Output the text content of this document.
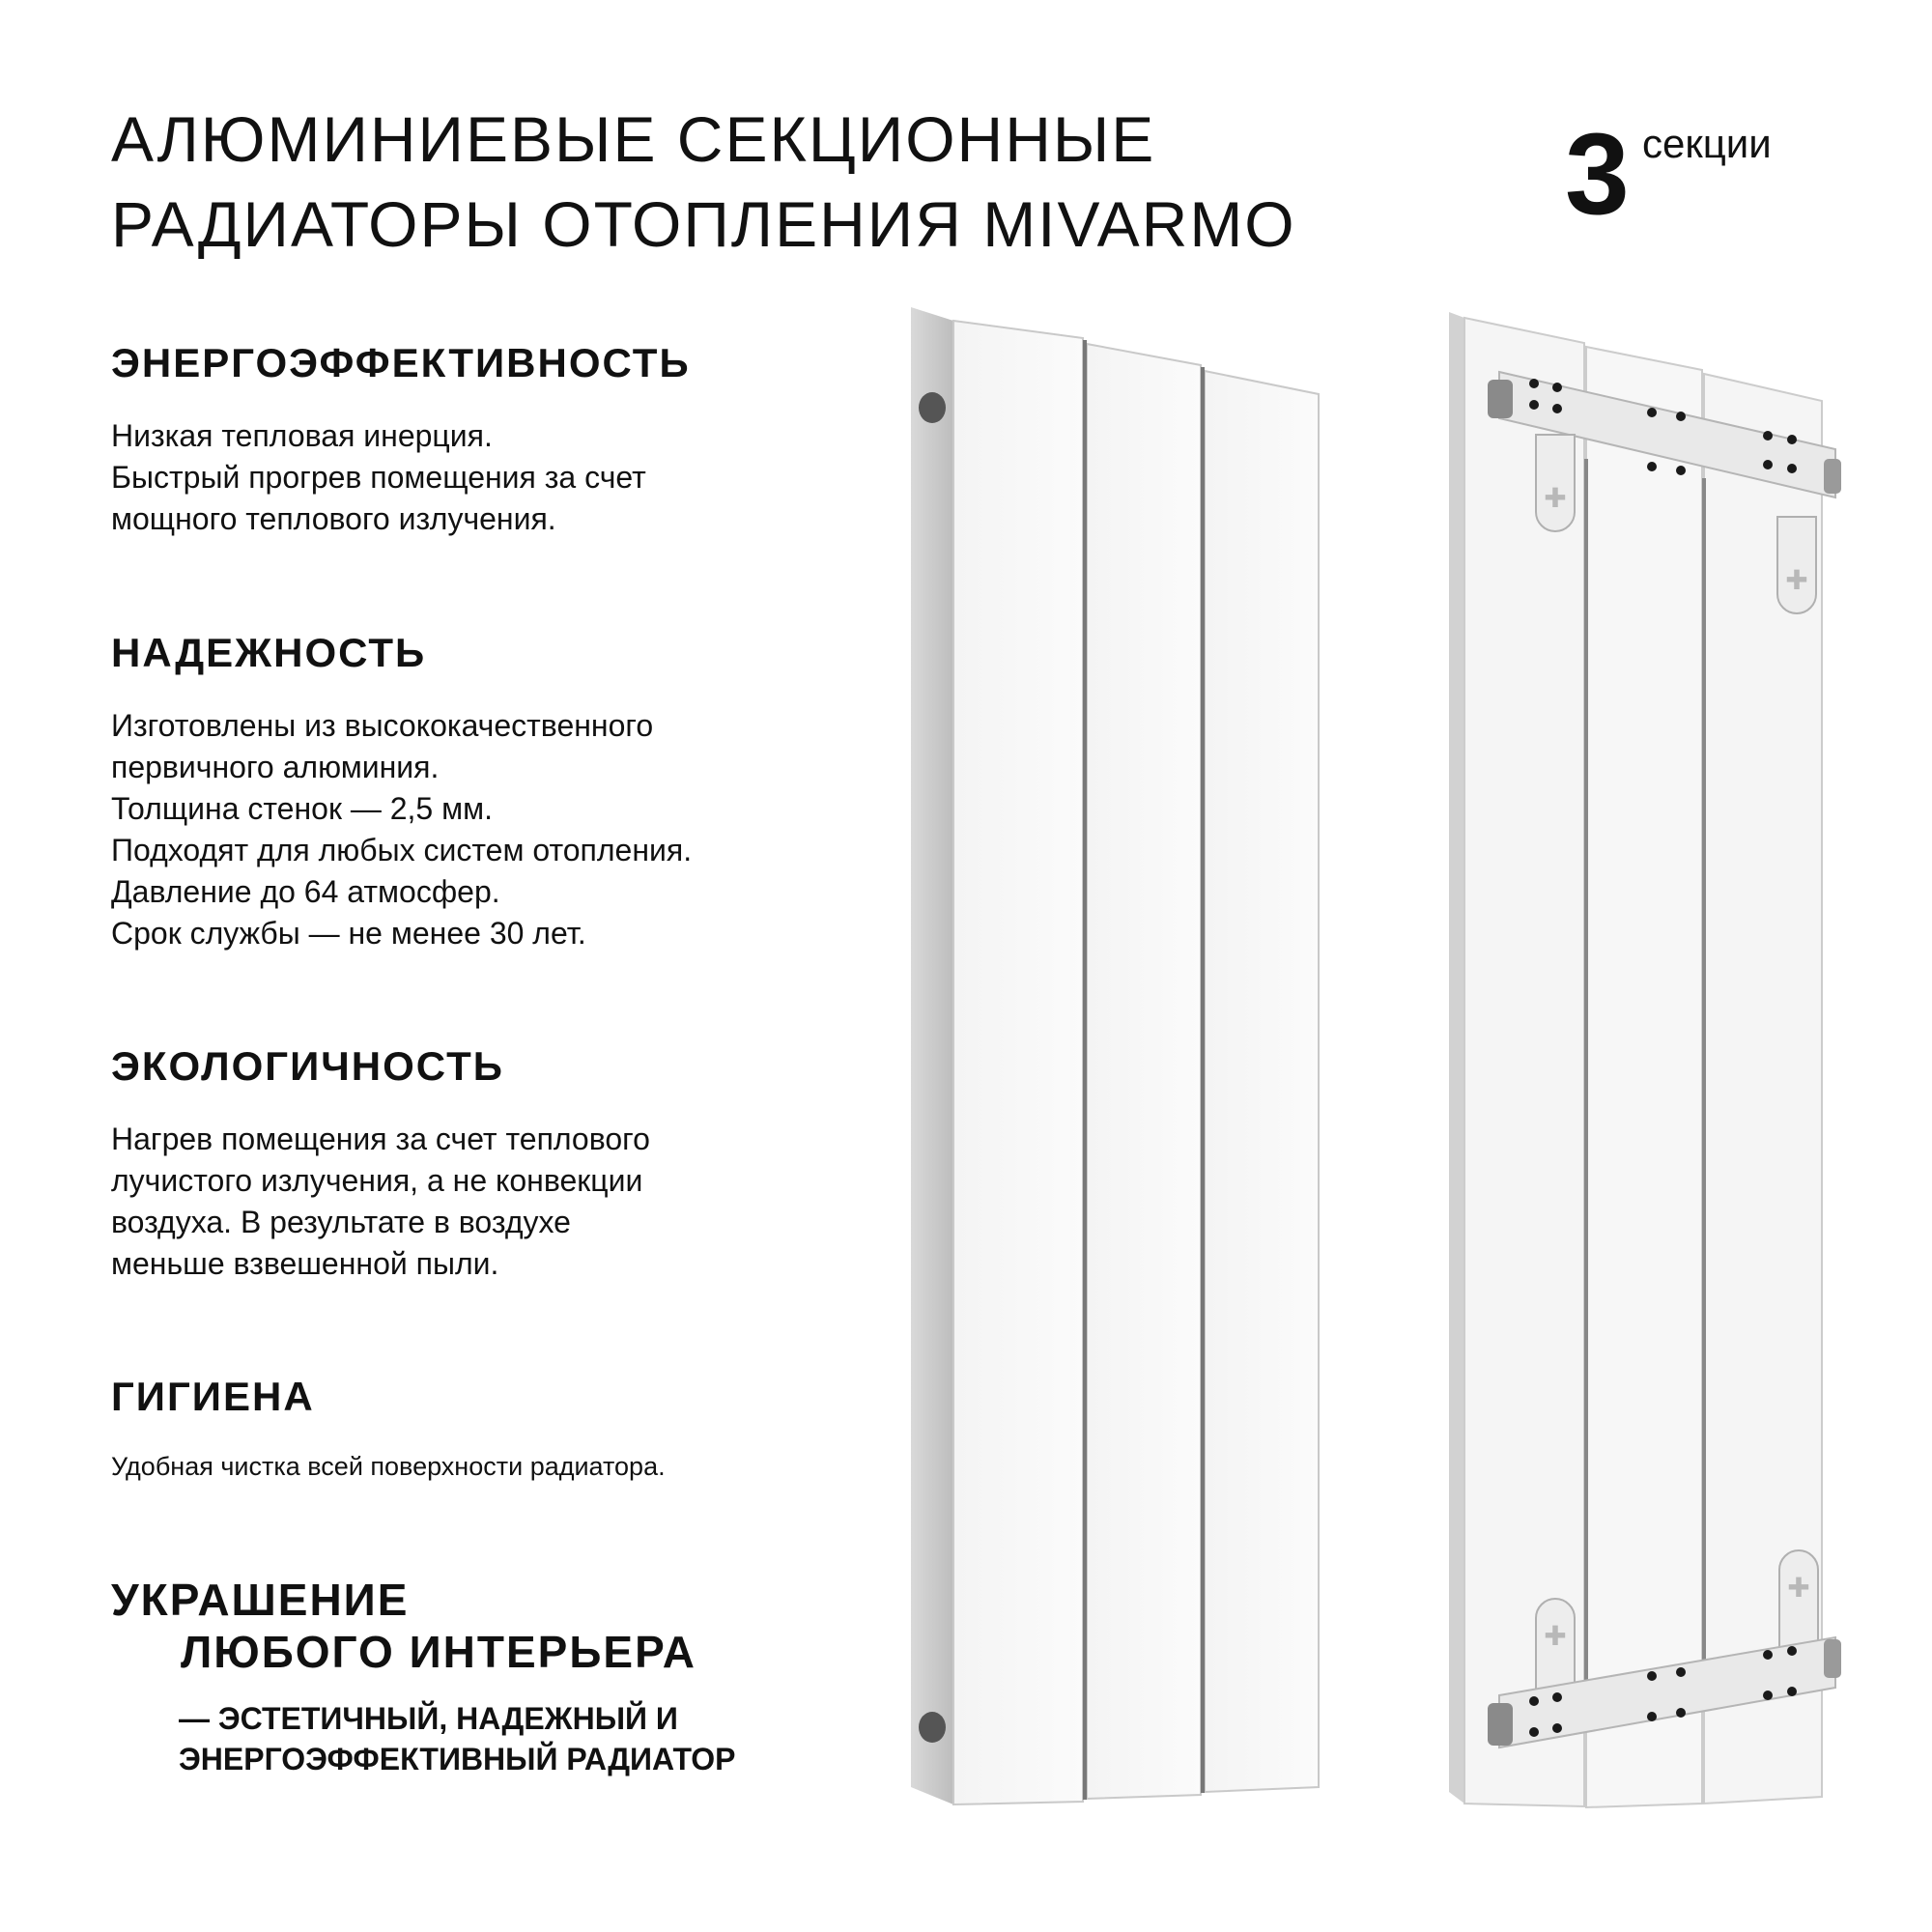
АЛЮМИНИЕВЫЕ СЕКЦИОННЫЕ
РАДИАТОРЫ ОТОПЛЕНИЯ MIVARMO	3 секции
ЭНЕРГОЭФФЕКТИВНОСТЬ
Низкая тепловая инерция.
Быстрый прогрев помещения за счет
мощного теплового излучения.
НАДЕЖНОСТЬ
Изготовлены из высококачественного
первичного алюминия.
Толщина стенок — 2,5 мм.
Подходят для любых систем отопления.
Давление до 64 атмосфер.
Срок службы — не менее 30 лет.
ЭКОЛОГИЧНОСТЬ
Нагрев помещения за счет теплового
лучистого излучения, а не конвекции
воздуха. В результате в воздухе
меньше взвешенной пыли.
ГИГИЕНА
Удобная чистка всей поверхности радиатора.
УКРАШЕНИЕ
ЛЮБОГО ИНТЕРЬЕРА
— ЭСТЕТИЧНЫЙ, НАДЕЖНЫЙ И
ЭНЕРГОЭФФЕКТИВНЫЙ РАДИАТОР
✚
✚
✚
✚
